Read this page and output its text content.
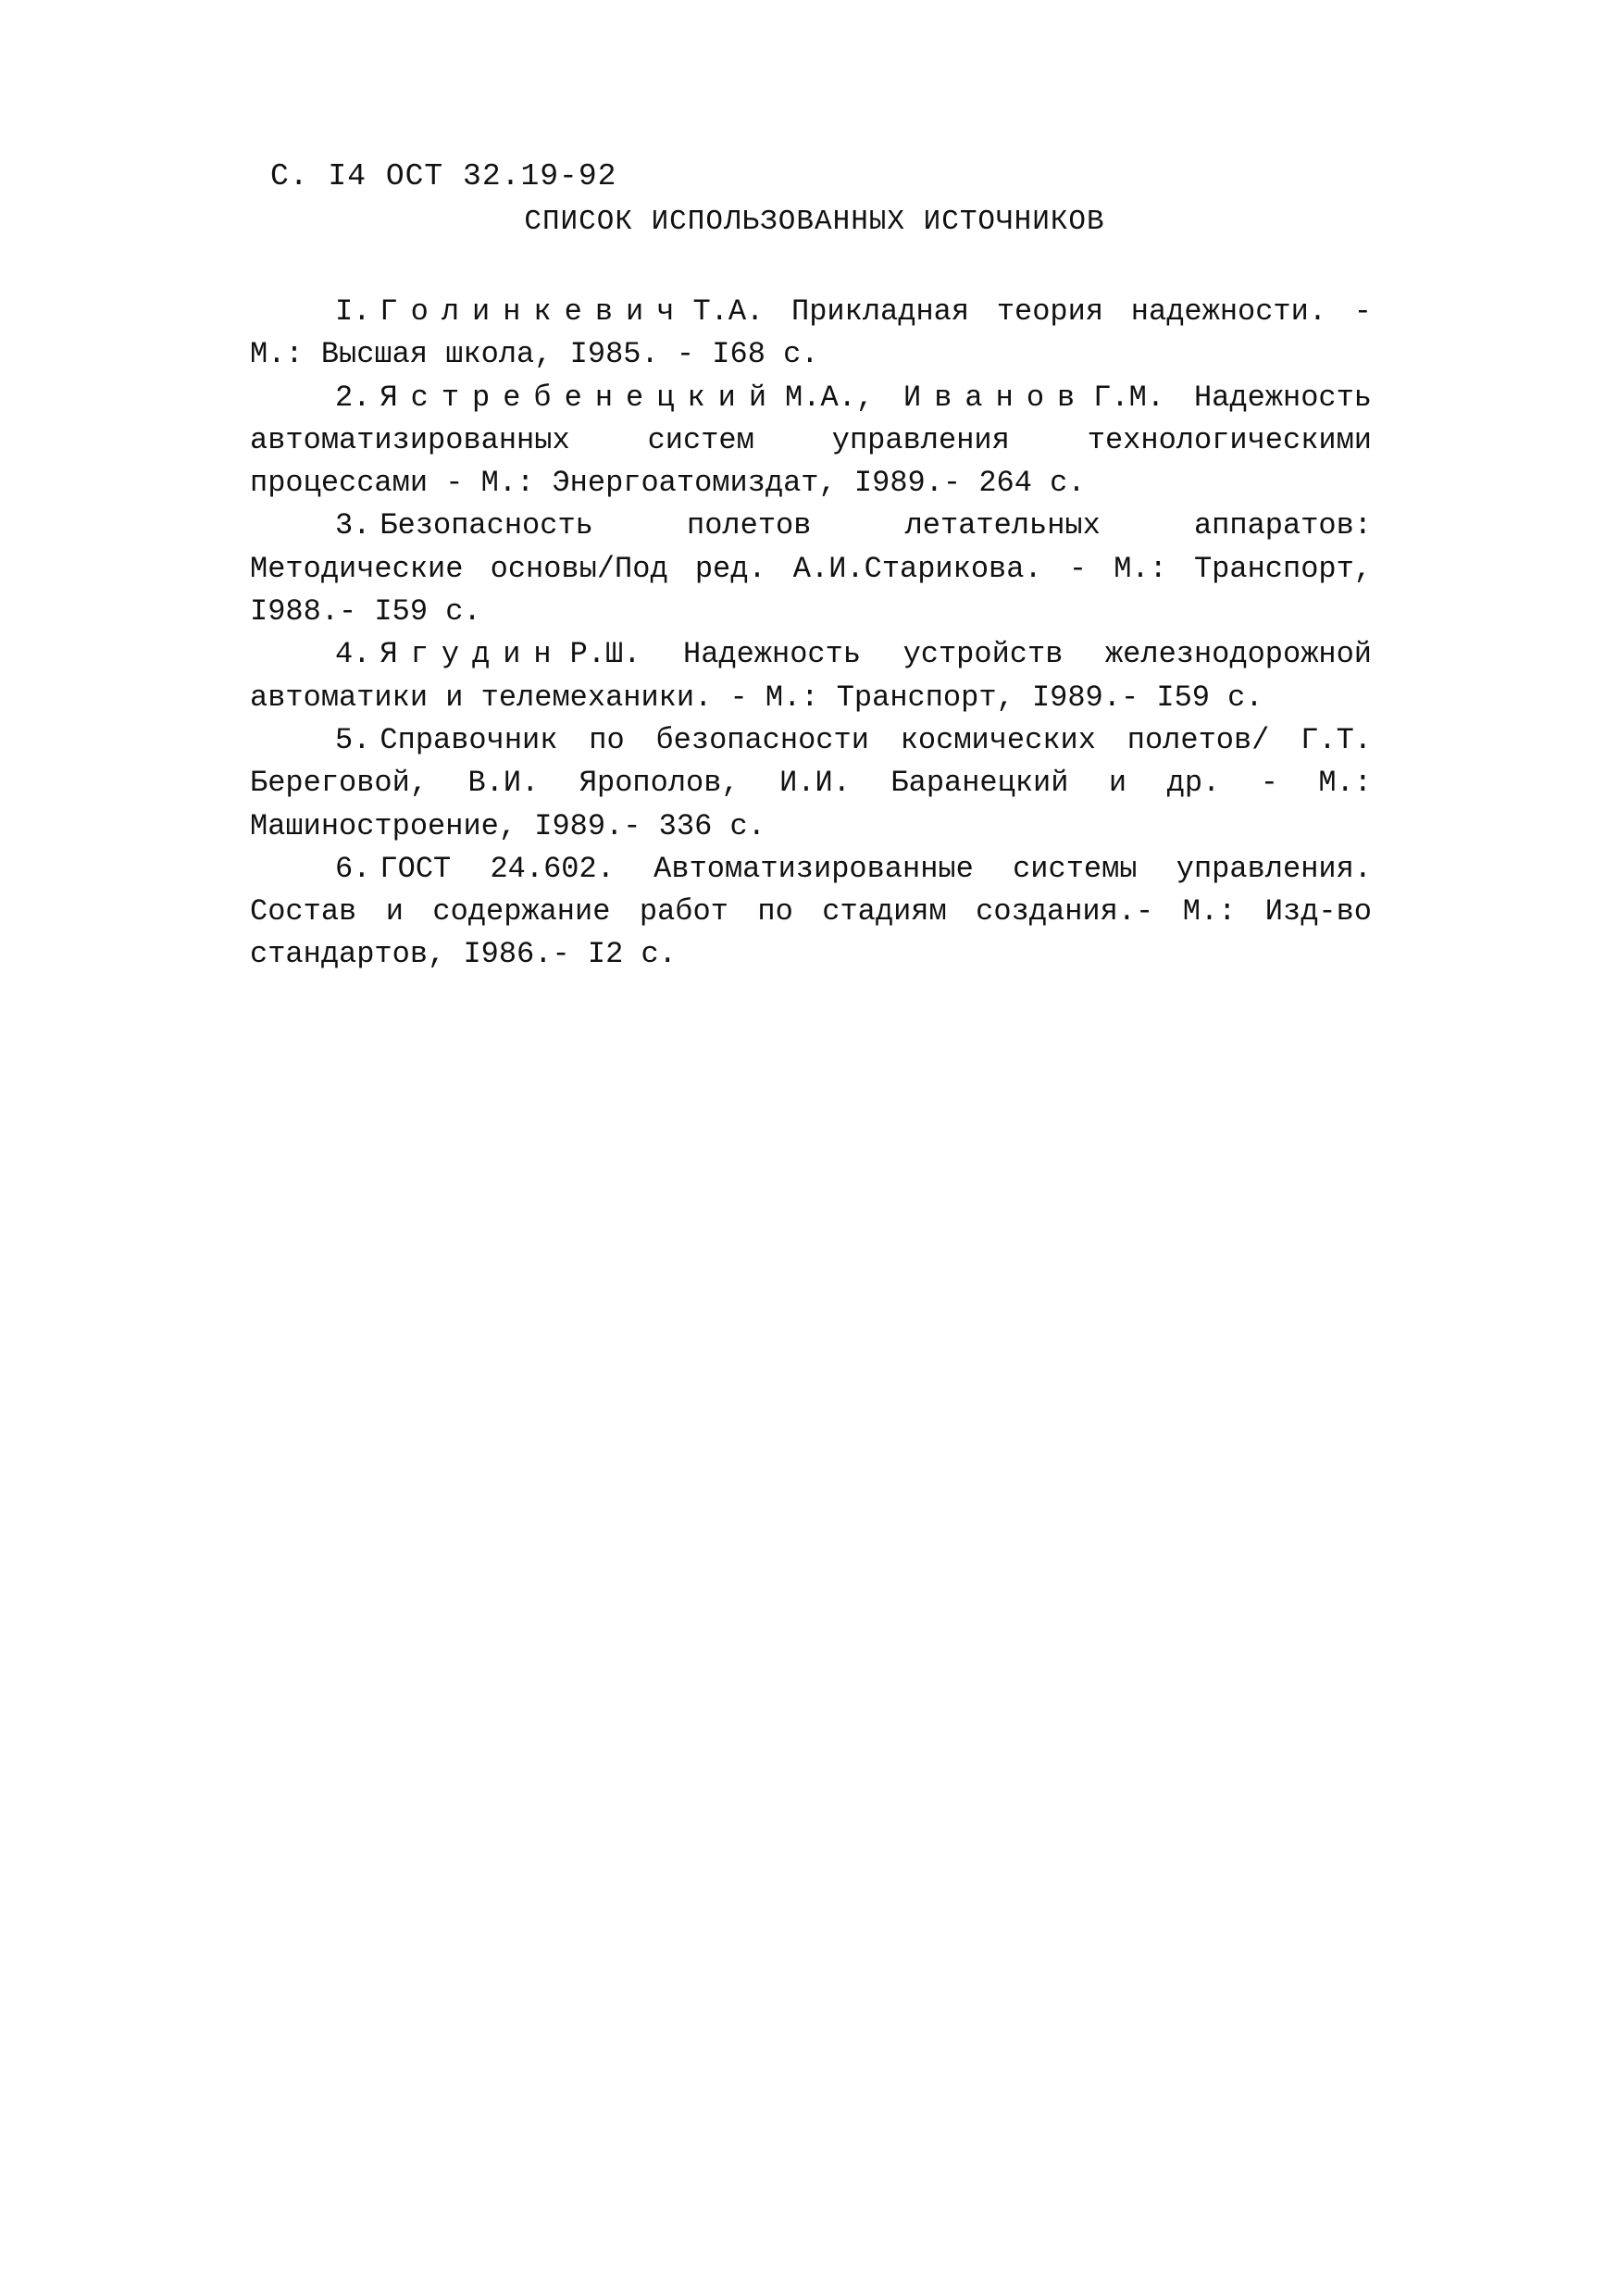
С. I4 ОСТ 32.19-92
СПИСОК ИСПОЛЬЗОВАННЫХ ИСТОЧНИКОВ

I. Голинкевич Т.А. Прикладная теория надежности. - М.: Высшая школа, I985. - I68 с.

2. Ястребенецкий М.А., Иванов Г.М. Надежность автоматизированных систем управления технологическими процессами - М.: Энергоатомиздат, I989.- 264 с.

3. Безопасность полетов летательных аппаратов: Методические основы/Под ред. А.И.Старикова. - М.: Транспорт, I988.- I59 с.

4. Ягудин Р.Ш. Надежность устройств железнодорожной автоматики и телемеханики. - М.: Транспорт, I989.- I59 с.

5. Справочник по безопасности космических полетов/ Г.Т. Береговой, В.И. Ярополов, И.И. Баранецкий и др. - М.: Машиностроение, I989.- 336 с.

6. ГОСТ 24.602. Автоматизированные системы управления. Состав и содержание работ по стадиям создания.- М.: Изд-во стандартов, I986.- I2 с.
